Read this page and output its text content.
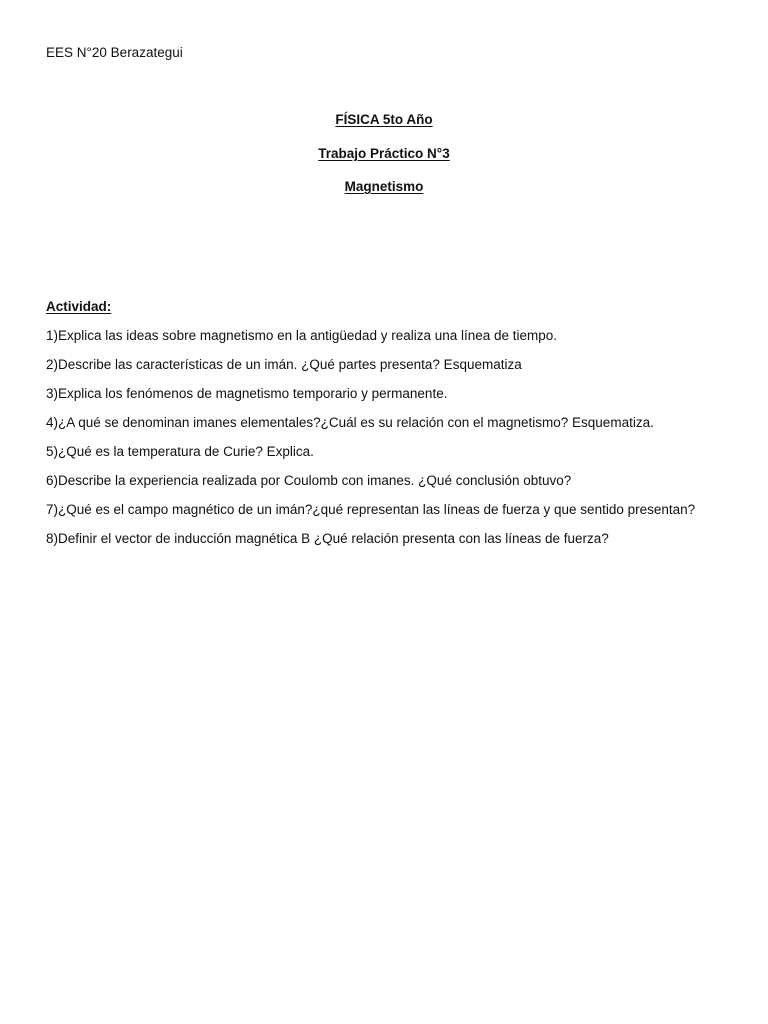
EES N°20 Berazategui
FÍSICA 5to Año
Trabajo Práctico N°3
Magnetismo
Actividad:
1)Explica las ideas sobre magnetismo en la antigüedad y realiza una línea de tiempo.
2)Describe las características de un imán. ¿Qué partes presenta? Esquematiza
3)Explica los fenómenos de magnetismo temporario y permanente.
4)¿A qué se denominan imanes elementales?¿Cuál es su relación con el magnetismo? Esquematiza.
5)¿Qué es la temperatura de Curie? Explica.
6)Describe la experiencia realizada por Coulomb con imanes. ¿Qué conclusión obtuvo?
7)¿Qué es el campo magnético de un imán?¿qué representan las líneas de fuerza y que sentido presentan?
8)Definir el vector de inducción magnética B ¿Qué relación presenta con las líneas de fuerza?
